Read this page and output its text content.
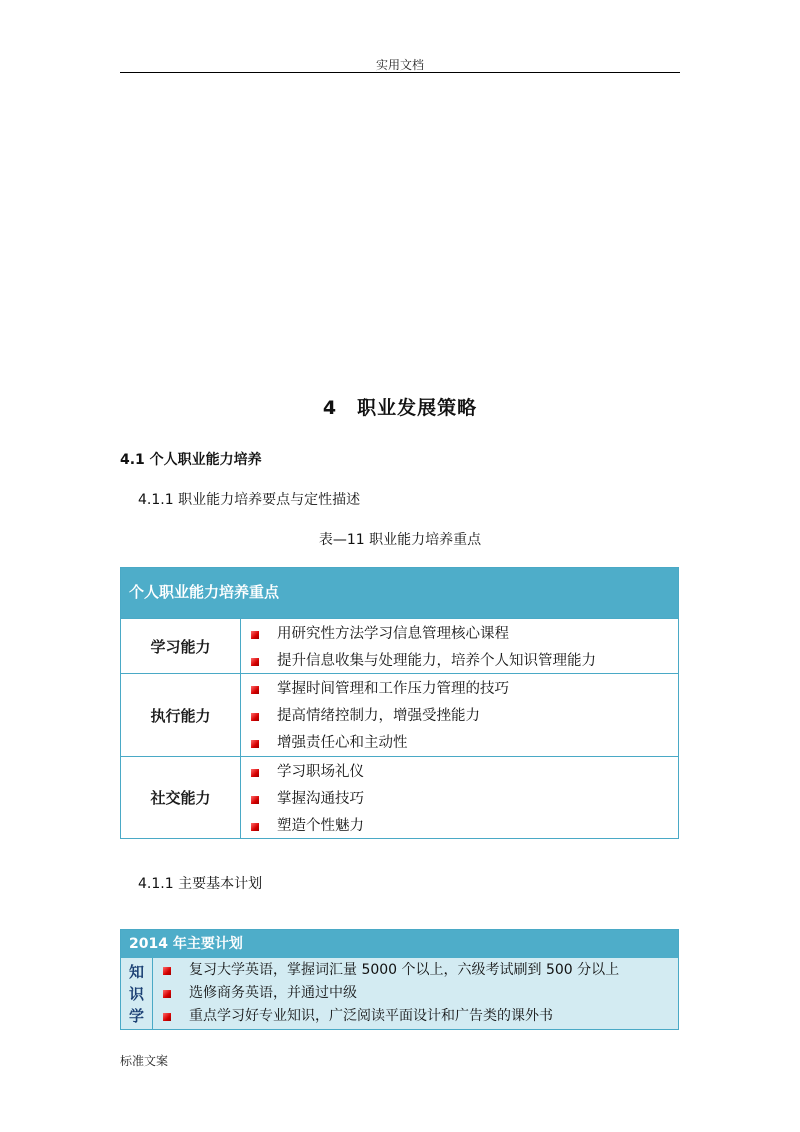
实用文档
4　职业发展策略
4.1 个人职业能力培养
4.1.1 职业能力培养要点与定性描述
表—11 职业能力培养重点
个人职业能力培养重点
学习能力
用研究性方法学习信息管理核心课程
提升信息收集与处理能力，培养个人知识管理能力
执行能力
掌握时间管理和工作压力管理的技巧
提高情绪控制力，增强受挫能力
增强责任心和主动性
社交能力
学习职场礼仪
掌握沟通技巧
塑造个性魅力
4.1.1 主要基本计划
2014 年主要计划
知
识
学
复习大学英语，掌握词汇量 5000 个以上，六级考试刷到 500 分以上
选修商务英语，并通过中级
重点学习好专业知识，广泛阅读平面设计和广告类的课外书
标准文案
